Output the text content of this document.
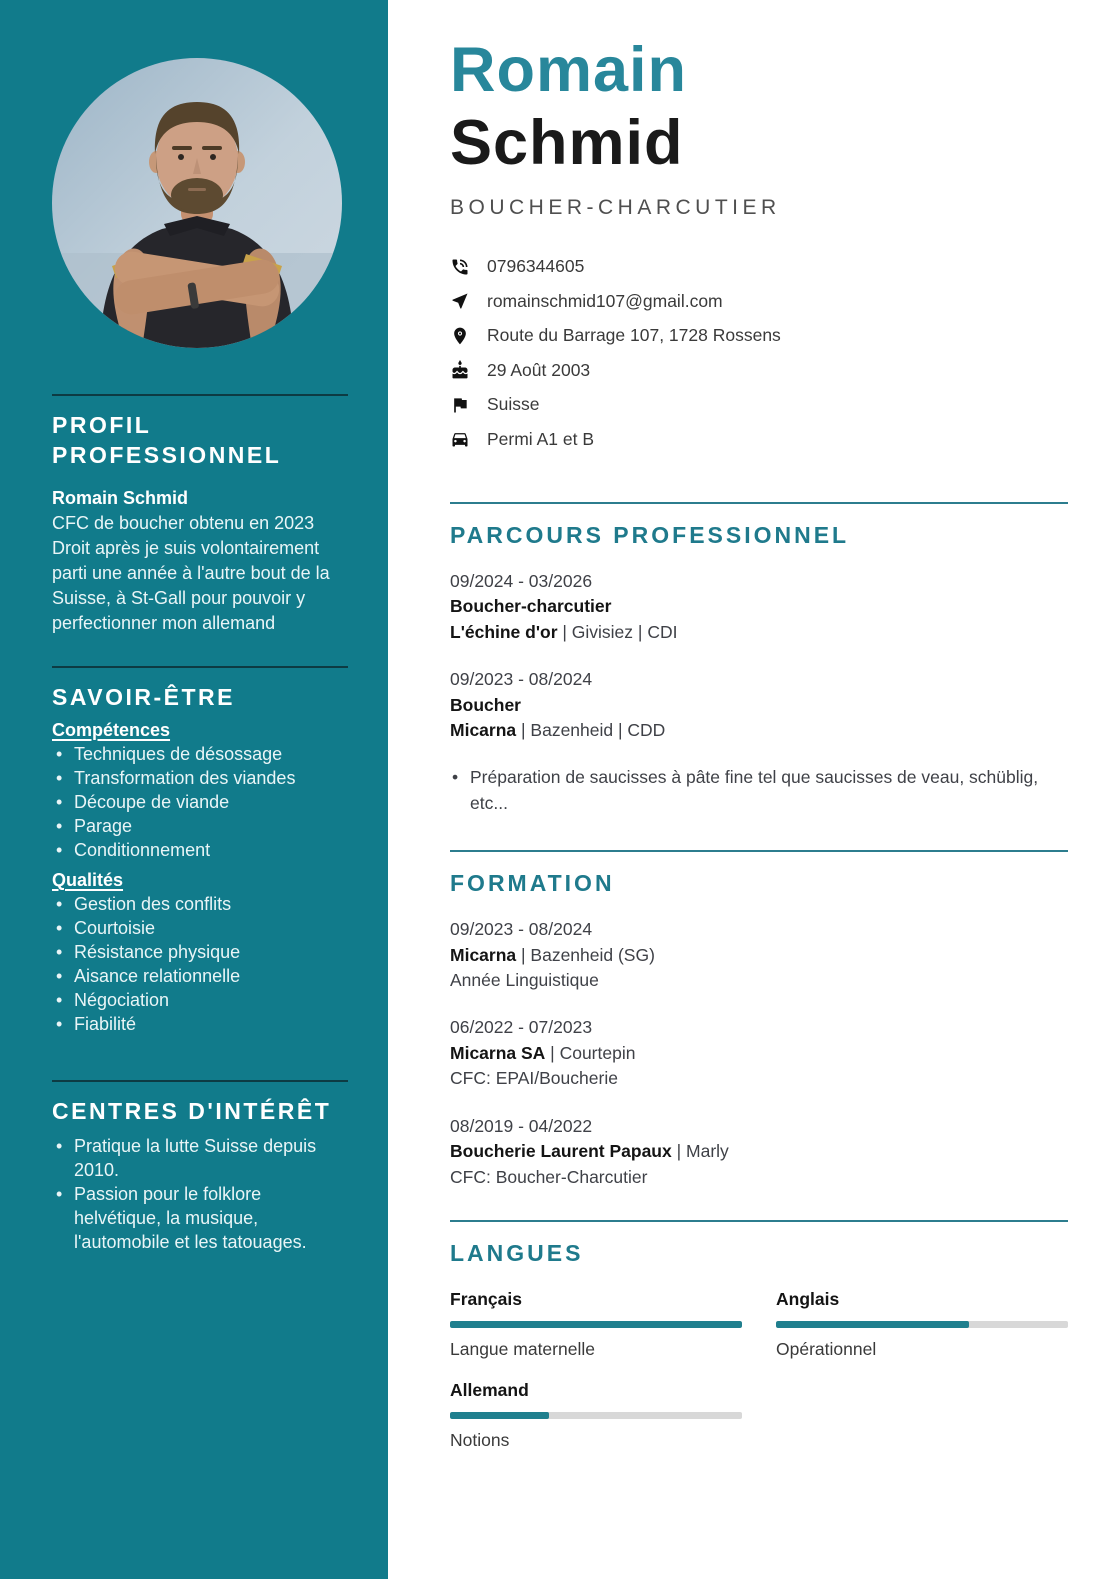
PROFIL PROFESSIONNEL
Romain Schmid
CFC de boucher obtenu en 2023
Droit après je suis volontairement parti une année à l'autre bout de la Suisse, à St-Gall pour pouvoir y perfectionner mon allemand
SAVOIR-ÊTRE
Compétences
• Techniques de désossage
• Transformation des viandes
• Découpe de viande
• Parage
• Conditionnement
Qualités
• Gestion des conflits
• Courtoisie
• Résistance physique
• Aisance relationnelle
• Négociation
• Fiabilité
CENTRES D'INTÉRÊT
• Pratique la lutte Suisse depuis 2010.
• Passion pour le folklore helvétique, la musique, l'automobile et les tatouages.
Romain
Schmid
BOUCHER-CHARCUTIER
0796344605
romainschmid107@gmail.com
Route du Barrage 107, 1728 Rossens
29 Août 2003
Suisse
Permi A1 et B
PARCOURS PROFESSIONNEL
09/2024 - 03/2026
Boucher-charcutier
L'échine d'or | Givisiez | CDI
09/2023 - 08/2024
Boucher
Micarna | Bazenheid | CDD
• Préparation de saucisses à pâte fine tel que saucisses de veau, schüblig, etc...
FORMATION
09/2023 - 08/2024
Micarna | Bazenheid (SG)
Année Linguistique
06/2022 - 07/2023
Micarna SA | Courtepin
CFC: EPAI/Boucherie
08/2019 - 04/2022
Boucherie Laurent Papaux | Marly
CFC: Boucher-Charcutier
LANGUES
Français
Langue maternelle
Anglais
Opérationnel
Allemand
Notions
